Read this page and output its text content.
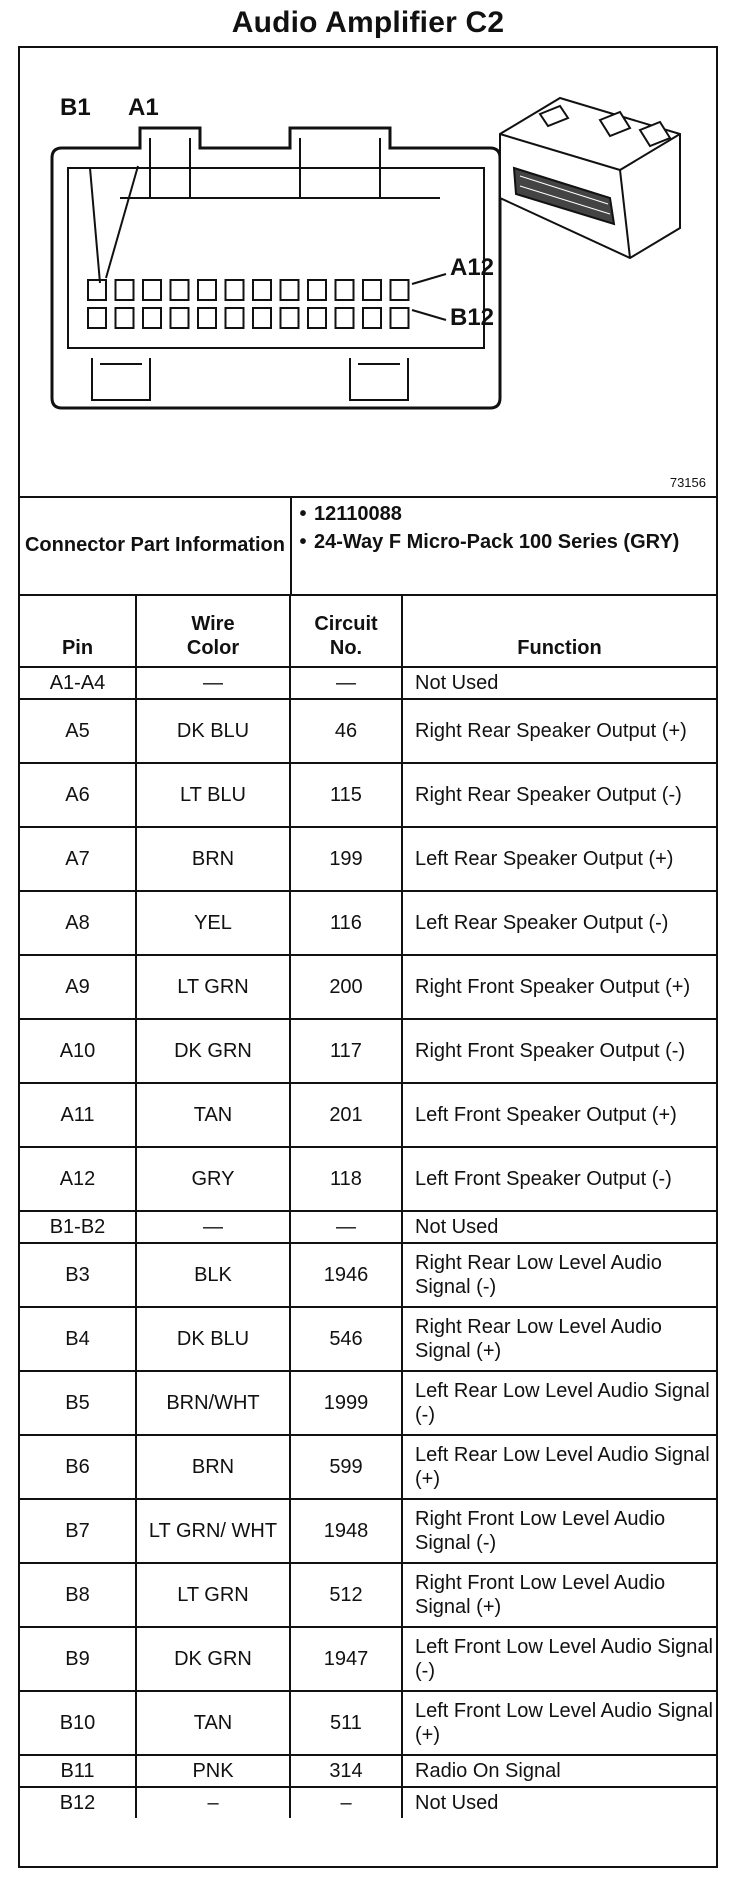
Audio Amplifier C2
B1 A1
A12
B12
73156
Connector Part Information
• 12110088
• 24-Way F Micro-Pack 100 Series (GRY)
Pin	Wire Color	Circuit No.	Function
A1-A4	—	—	Not Used
A5	DK BLU	46	Right Rear Speaker Output (+)
A6	LT BLU	115	Right Rear Speaker Output (-)
A7	BRN	199	Left Rear Speaker Output (+)
A8	YEL	116	Left Rear Speaker Output (-)
A9	LT GRN	200	Right Front Speaker Output (+)
A10	DK GRN	117	Right Front Speaker Output (-)
A11	TAN	201	Left Front Speaker Output (+)
A12	GRY	118	Left Front Speaker Output (-)
B1-B2	—	—	Not Used
B3	BLK	1946	Right Rear Low Level Audio Signal (-)
B4	DK BLU	546	Right Rear Low Level Audio Signal (+)
B5	BRN/WHT	1999	Left Rear Low Level Audio Signal (-)
B6	BRN	599	Left Rear Low Level Audio Signal (+)
B7	LT GRN/ WHT	1948	Right Front Low Level Audio Signal (-)
B8	LT GRN	512	Right Front Low Level Audio Signal (+)
B9	DK GRN	1947	Left Front Low Level Audio Signal (-)
B10	TAN	511	Left Front Low Level Audio Signal (+)
B11	PNK	314	Radio On Signal
B12	–	–	Not Used
